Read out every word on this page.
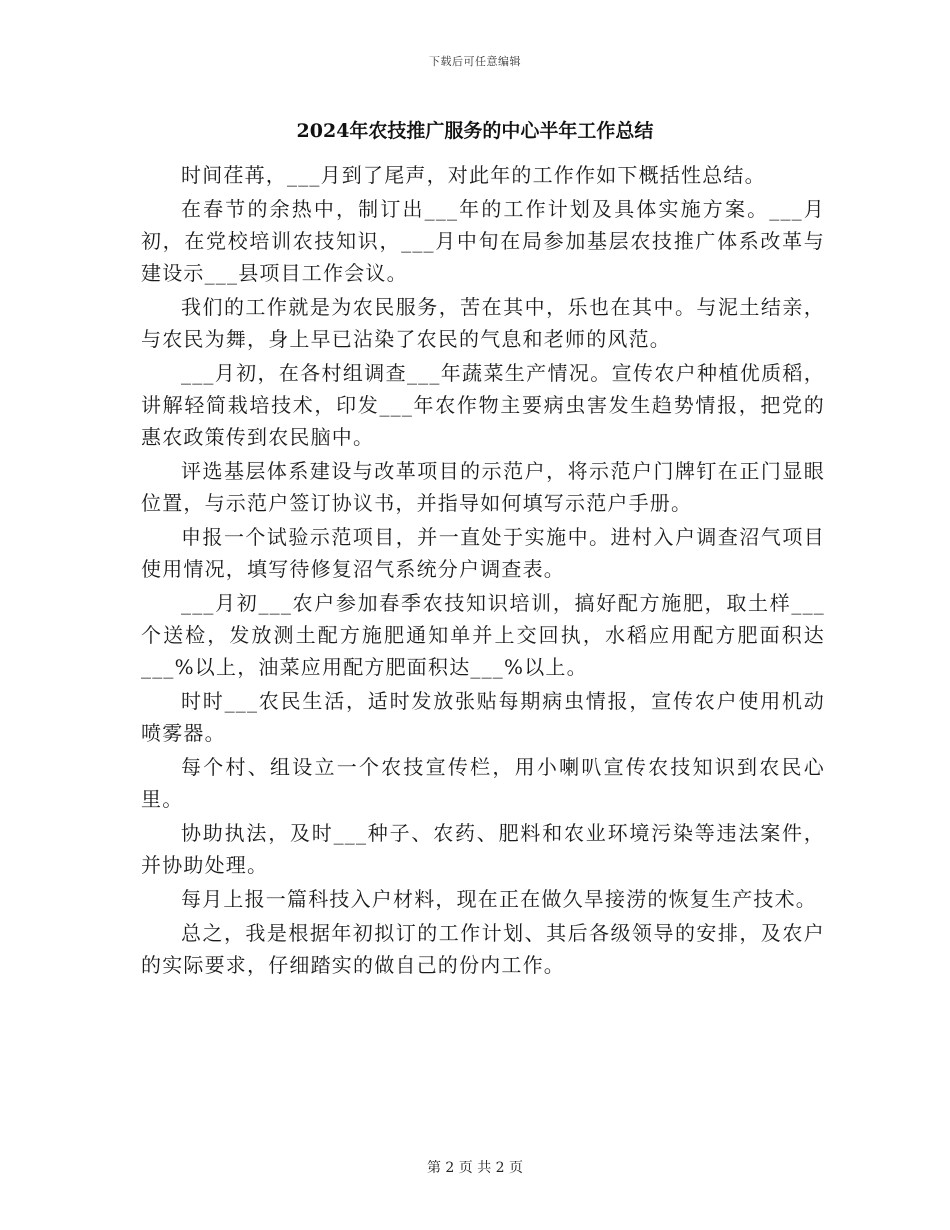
下载后可任意编辑
2024年农技推广服务的中心半年工作总结

时间荏苒，___月到了尾声，对此年的工作作如下概括性总结。

在春节的余热中，制订出___年的工作计划及具体实施方案。___月初，在党校培训农技知识，___月中旬在局参加基层农技推广体系改革与建设示___县项目工作会议。

我们的工作就是为农民服务，苦在其中，乐也在其中。与泥土结亲，与农民为舞，身上早已沾染了农民的气息和老师的风范。

___月初，在各村组调查___年蔬菜生产情况。宣传农户种植优质稻，讲解轻简栽培技术，印发___年农作物主要病虫害发生趋势情报，把党的惠农政策传到农民脑中。

评选基层体系建设与改革项目的示范户，将示范户门牌钉在正门显眼位置，与示范户签订协议书，并指导如何填写示范户手册。

申报一个试验示范项目，并一直处于实施中。进村入户调查沼气项目使用情况，填写待修复沼气系统分户调查表。

___月初___农户参加春季农技知识培训，搞好配方施肥，取土样___个送检，发放测土配方施肥通知单并上交回执，水稻应用配方肥面积达___%以上，油菜应用配方肥面积达___%以上。

时时___农民生活，适时发放张贴每期病虫情报，宣传农户使用机动喷雾器。

每个村、组设立一个农技宣传栏，用小喇叭宣传农技知识到农民心里。

协助执法，及时___种子、农药、肥料和农业环境污染等违法案件，并协助处理。

每月上报一篇科技入户材料，现在正在做久旱接涝的恢复生产技术。

总之，我是根据年初拟订的工作计划、其后各级领导的安排，及农户的实际要求，仔细踏实的做自己的份内工作。

第 2 页 共 2 页
